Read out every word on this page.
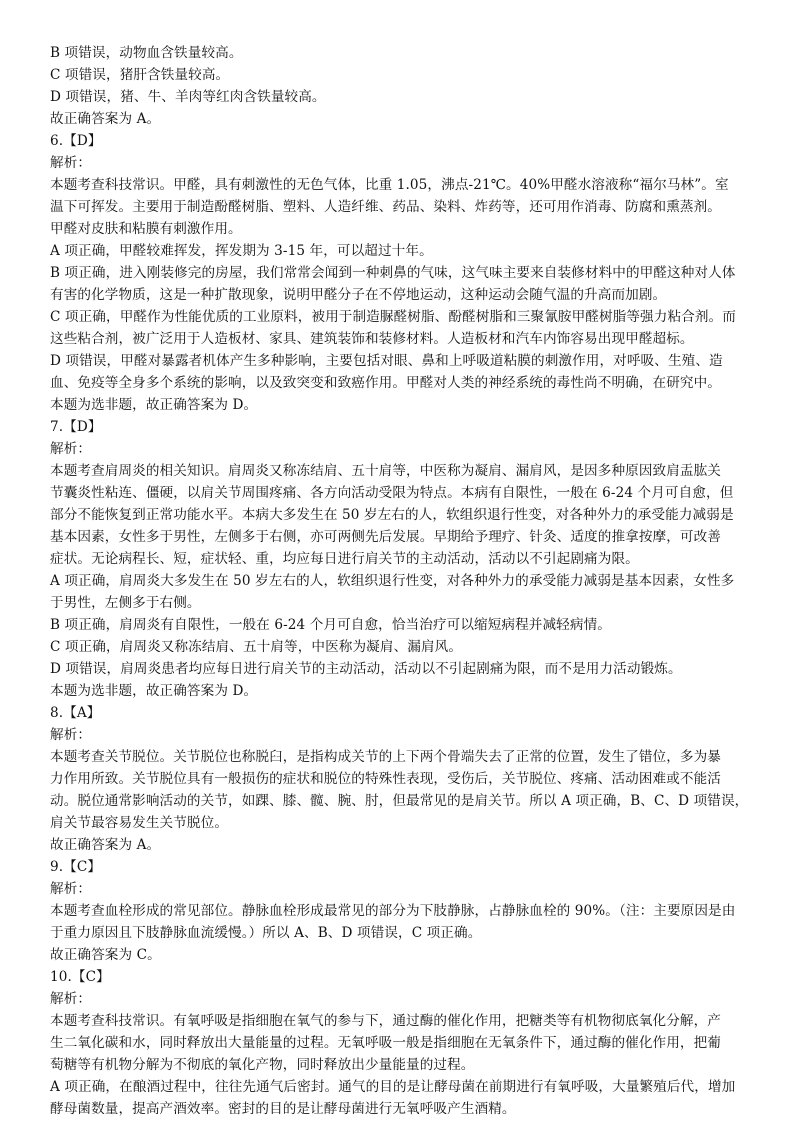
B 项错误，动物血含铁量较高。
C 项错误，猪肝含铁量较高。
D 项错误，猪、牛、羊肉等红肉含铁量较高。
故正确答案为 A。
6.【D】
解析：
本题考查科技常识。甲醛，具有刺激性的无色气体，比重 1.05，沸点-21℃。40%甲醛水溶液称“福尔马林”。室
温下可挥发。主要用于制造酚醛树脂、塑料、人造纤维、药品、染料、炸药等，还可用作消毒、防腐和熏蒸剂。
甲醛对皮肤和粘膜有刺激作用。
A 项正确，甲醛较难挥发，挥发期为 3-15 年，可以超过十年。
B 项正确，进入刚装修完的房屋，我们常常会闻到一种刺鼻的气味，这气味主要来自装修材料中的甲醛这种对人体
有害的化学物质，这是一种扩散现象，说明甲醛分子在不停地运动，这种运动会随气温的升高而加剧。
C 项正确，甲醛作为性能优质的工业原料，被用于制造脲醛树脂、酚醛树脂和三聚氰胺甲醛树脂等强力粘合剂。而
这些粘合剂，被广泛用于人造板材、家具、建筑装饰和装修材料。人造板材和汽车内饰容易出现甲醛超标。
D 项错误，甲醛对暴露者机体产生多种影响，主要包括对眼、鼻和上呼吸道粘膜的刺激作用，对呼吸、生殖、造
血、免疫等全身多个系统的影响，以及致突变和致癌作用。甲醛对人类的神经系统的毒性尚不明确，在研究中。
本题为选非题，故正确答案为 D。
7.【D】
解析：
本题考查肩周炎的相关知识。肩周炎又称冻结肩、五十肩等，中医称为凝肩、漏肩风，是因多种原因致肩盂肱关
节囊炎性粘连、僵硬，以肩关节周围疼痛、各方向活动受限为特点。本病有自限性，一般在 6-24 个月可自愈，但
部分不能恢复到正常功能水平。本病大多发生在 50 岁左右的人，软组织退行性变，对各种外力的承受能力减弱是
基本因素，女性多于男性，左侧多于右侧，亦可两侧先后发展。早期给予理疗、针灸、适度的推拿按摩，可改善
症状。无论病程长、短，症状轻、重，均应每日进行肩关节的主动活动，活动以不引起剧痛为限。
A 项正确，肩周炎大多发生在 50 岁左右的人，软组织退行性变，对各种外力的承受能力减弱是基本因素，女性多
于男性，左侧多于右侧。
B 项正确，肩周炎有自限性，一般在 6-24 个月可自愈，恰当治疗可以缩短病程并减轻病情。
C 项正确，肩周炎又称冻结肩、五十肩等，中医称为凝肩、漏肩风。
D 项错误，肩周炎患者均应每日进行肩关节的主动活动，活动以不引起剧痛为限，而不是用力活动锻炼。
本题为选非题，故正确答案为 D。
8.【A】
解析：
本题考查关节脱位。关节脱位也称脱臼，是指构成关节的上下两个骨端失去了正常的位置，发生了错位，多为暴
力作用所致。关节脱位具有一般损伤的症状和脱位的特殊性表现，受伤后，关节脱位、疼痛、活动困难或不能活
动。脱位通常影响活动的关节，如踝、膝、髋、腕、肘，但最常见的是肩关节。所以 A 项正确，B、C、D 项错误，
肩关节最容易发生关节脱位。
故正确答案为 A。
9.【C】
解析：
本题考查血栓形成的常见部位。静脉血栓形成最常见的部分为下肢静脉，占静脉血栓的 90%。（注：主要原因是由
于重力原因且下肢静脉血流缓慢。）所以 A、B、D 项错误，C 项正确。
故正确答案为 C。
10.【C】
解析：
本题考查科技常识。有氧呼吸是指细胞在氧气的参与下，通过酶的催化作用，把糖类等有机物彻底氧化分解，产
生二氧化碳和水，同时释放出大量能量的过程。无氧呼吸一般是指细胞在无氧条件下，通过酶的催化作用，把葡
萄糖等有机物分解为不彻底的氧化产物，同时释放出少量能量的过程。
A 项正确，在酿酒过程中，往往先通气后密封。通气的目的是让酵母菌在前期进行有氧呼吸，大量繁殖后代，增加
酵母菌数量，提高产酒效率。密封的目的是让酵母菌进行无氧呼吸产生酒精。
